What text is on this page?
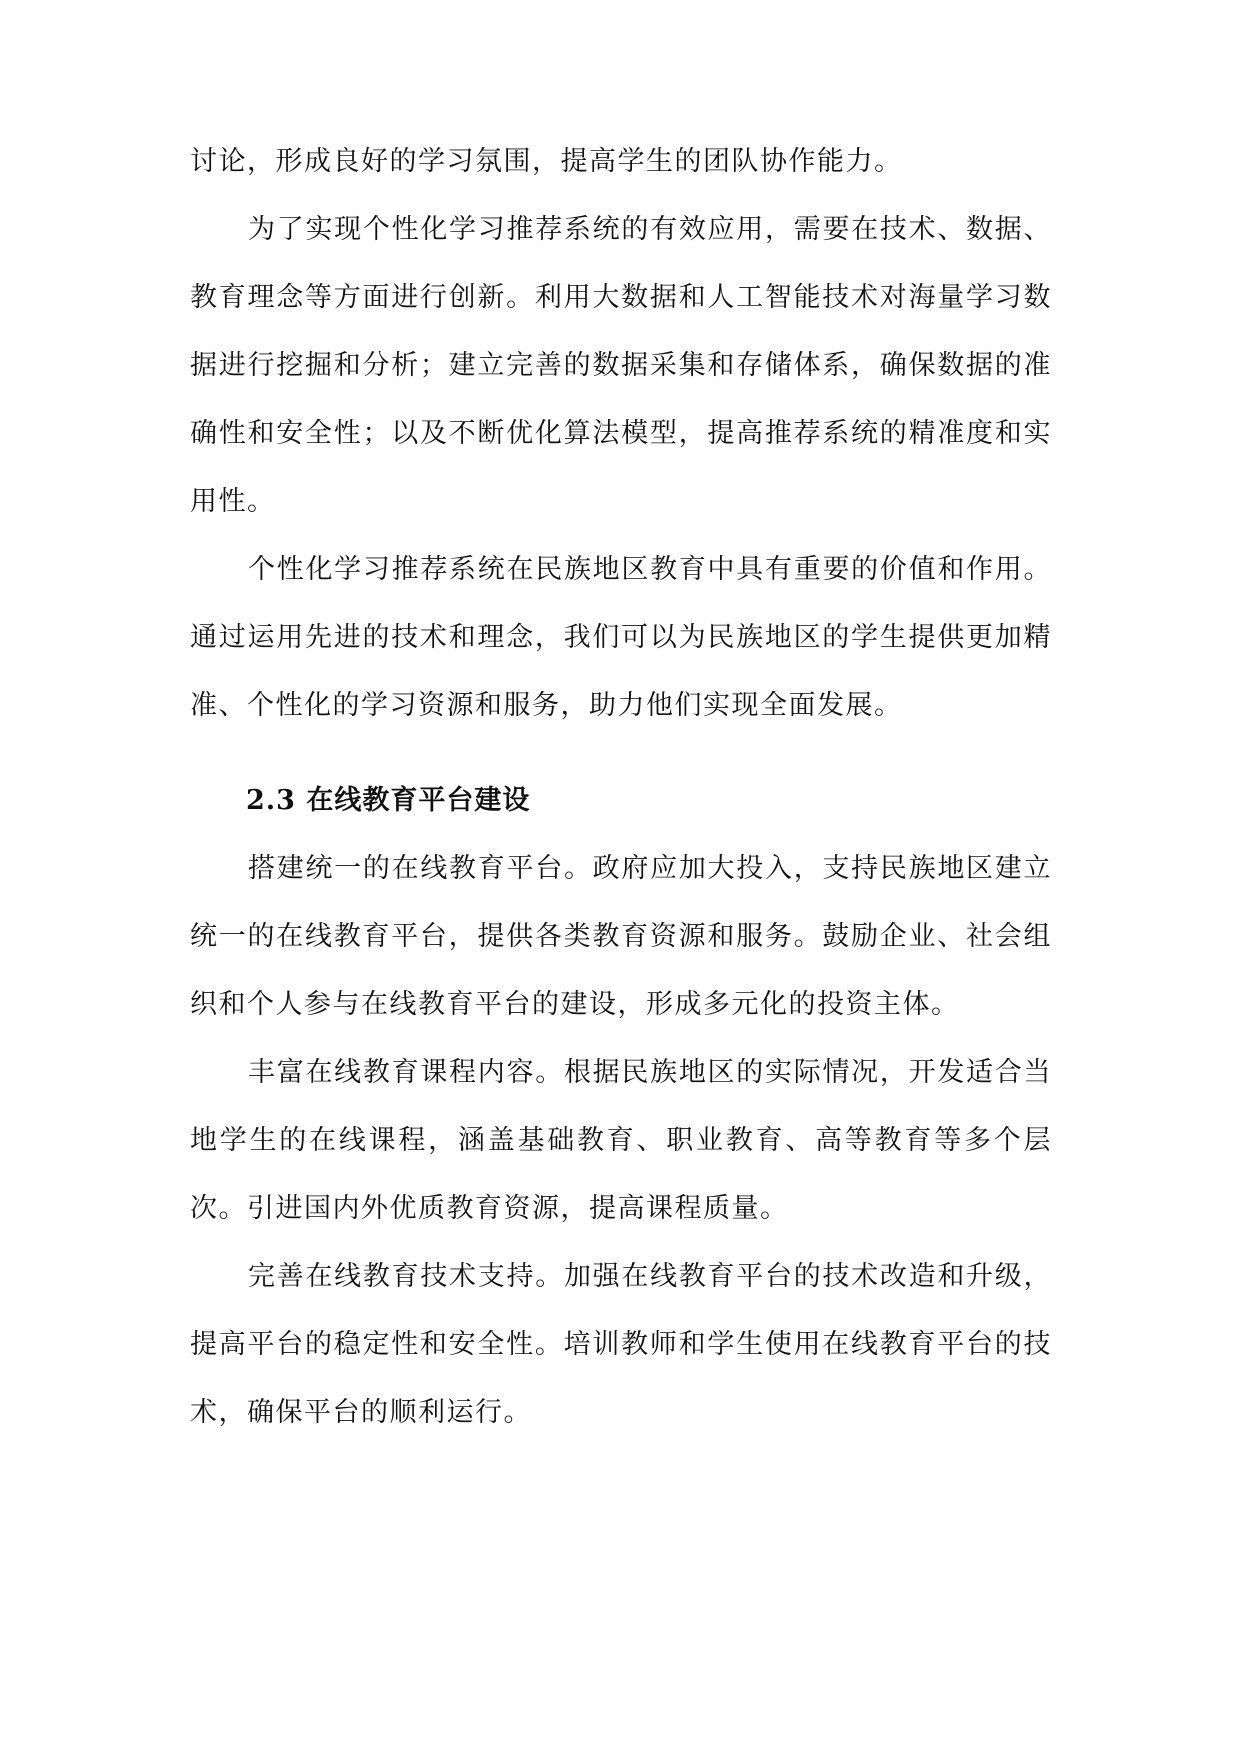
讨论，形成良好的学习氛围，提高学生的团队协作能力。

为了实现个性化学习推荐系统的有效应用，需要在技术、数据、教育理念等方面进行创新。利用大数据和人工智能技术对海量学习数据进行挖掘和分析；建立完善的数据采集和存储体系，确保数据的准确性和安全性；以及不断优化算法模型，提高推荐系统的精准度和实用性。

个性化学习推荐系统在民族地区教育中具有重要的价值和作用。通过运用先进的技术和理念，我们可以为民族地区的学生提供更加精准、个性化的学习资源和服务，助力他们实现全面发展。

2.3 在线教育平台建设

搭建统一的在线教育平台。政府应加大投入，支持民族地区建立统一的在线教育平台，提供各类教育资源和服务。鼓励企业、社会组织和个人参与在线教育平台的建设，形成多元化的投资主体。

丰富在线教育课程内容。根据民族地区的实际情况，开发适合当地学生的在线课程，涵盖基础教育、职业教育、高等教育等多个层次。引进国内外优质教育资源，提高课程质量。

完善在线教育技术支持。加强在线教育平台的技术改造和升级，提高平台的稳定性和安全性。培训教师和学生使用在线教育平台的技术，确保平台的顺利运行。
